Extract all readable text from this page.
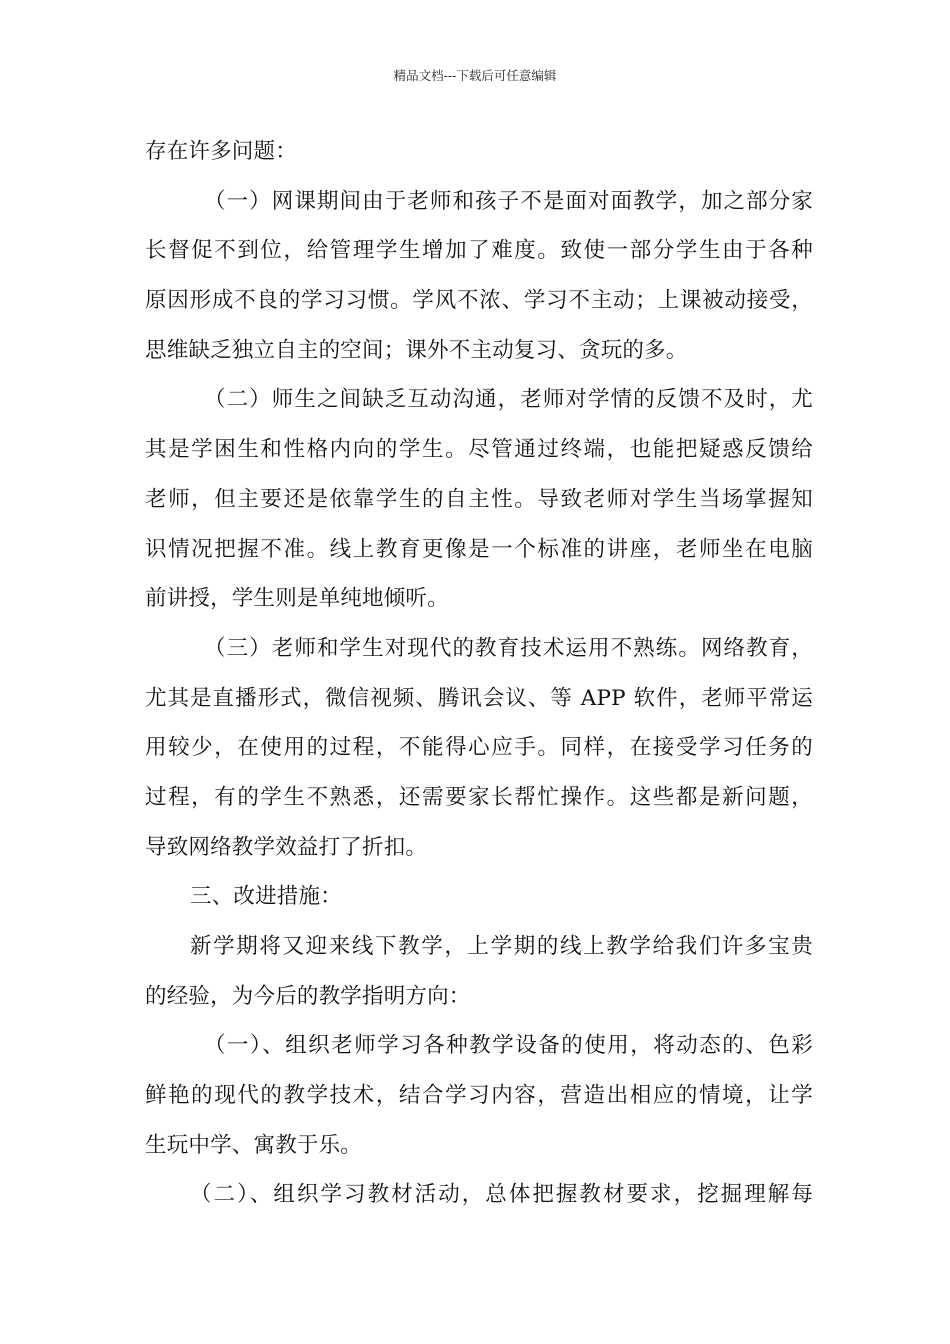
精品文档---下载后可任意编辑
存在许多问题：
（一）网课期间由于老师和孩子不是面对面教学，加之部分家
长督促不到位，给管理学生增加了难度。致使一部分学生由于各种
原因形成不良的学习习惯。学风不浓、学习不主动；上课被动接受，
思维缺乏独立自主的空间；课外不主动复习、贪玩的多。
（二）师生之间缺乏互动沟通，老师对学情的反馈不及时，尤
其是学困生和性格内向的学生。尽管通过终端，也能把疑惑反馈给
老师，但主要还是依靠学生的自主性。导致老师对学生当场掌握知
识情况把握不准。线上教育更像是一个标准的讲座，老师坐在电脑
前讲授，学生则是单纯地倾听。
（三）老师和学生对现代的教育技术运用不熟练。网络教育，
尤其是直播形式，微信视频、腾讯会议、等 APP 软件，老师平常运
用较少，在使用的过程，不能得心应手。同样，在接受学习任务的
过程，有的学生不熟悉，还需要家长帮忙操作。这些都是新问题，
导致网络教学效益打了折扣。
三、改进措施：
新学期将又迎来线下教学，上学期的线上教学给我们许多宝贵
的经验，为今后的教学指明方向：
（一）、组织老师学习各种教学设备的使用，将动态的、色彩
鲜艳的现代的教学技术，结合学习内容，营造出相应的情境，让学
生玩中学、寓教于乐。
（二）、组织学习教材活动，总体把握教材要求，挖掘理解每
